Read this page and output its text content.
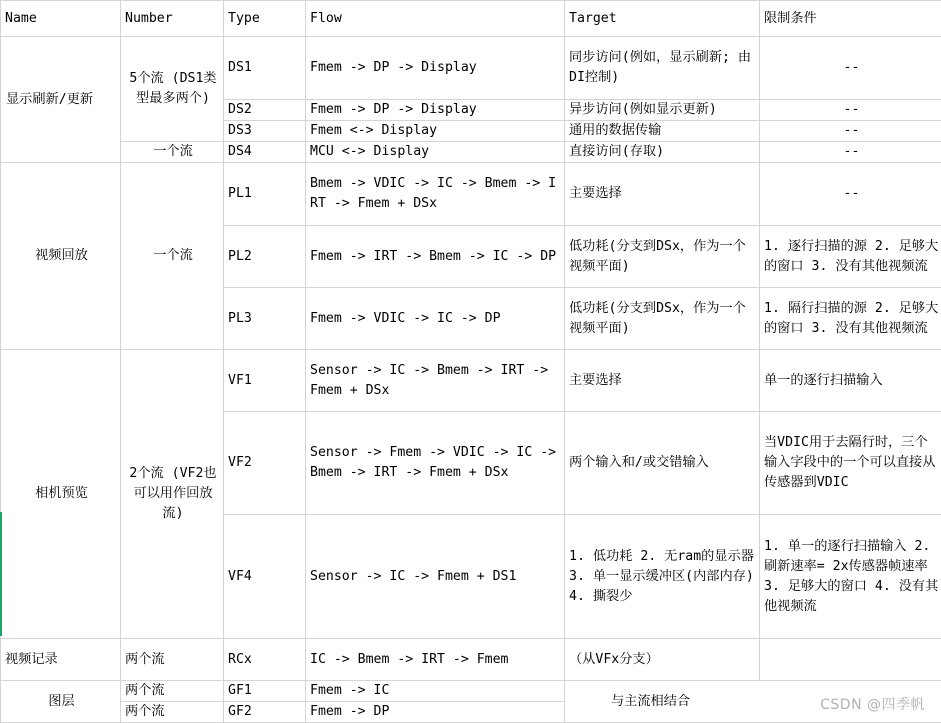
Name	Number	Type	Flow	Target	限制条件
显示刷新/更新	5个流 (DS1类型最多两个)	DS1	Fmem -> DP -> Display	同步访问(例如，显示刷新; 由DI控制)	--
		DS2	Fmem -> DP -> Display	异步访问(例如显示更新)	--
		DS3	Fmem <-> Display	通用的数据传输	--
	一个流	DS4	MCU <-> Display	直接访问(存取)	--
视频回放	一个流	PL1	Bmem -> VDIC -> IC -> Bmem -> IRT -> Fmem + DSx	主要选择	--
		PL2	Fmem -> IRT -> Bmem -> IC -> DP	低功耗(分支到DSx，作为一个视频平面)	1. 逐行扫描的源 2. 足够大的窗口 3. 没有其他视频流
		PL3	Fmem -> VDIC -> IC -> DP	低功耗(分支到DSx，作为一个视频平面)	1. 隔行扫描的源 2. 足够大的窗口 3. 没有其他视频流
相机预览	2个流 (VF2也可以用作回放流)	VF1	Sensor -> IC -> Bmem -> IRT -> Fmem + DSx	主要选择	单一的逐行扫描输入
		VF2	Sensor -> Fmem -> VDIC -> IC -> Bmem -> IRT -> Fmem + DSx	两个输入和/或交错输入	当VDIC用于去隔行时，三个输入字段中的一个可以直接从传感器到VDIC
		VF4	Sensor -> IC -> Fmem + DS1	1. 低功耗 2. 无ram的显示器 3. 单一显示缓冲区(内部内存) 4. 撕裂少	1. 单一的逐行扫描输入 2. 刷新速率= 2x传感器帧速率 3. 足够大的窗口 4. 没有其他视频流
视频记录	两个流	RCx	IC -> Bmem -> IRT -> Fmem	（从VFx分支）	
图层	两个流	GF1	Fmem -> IC	与主流相结合	
	两个流	GF2	Fmem -> DP			CSDN @四季帆
